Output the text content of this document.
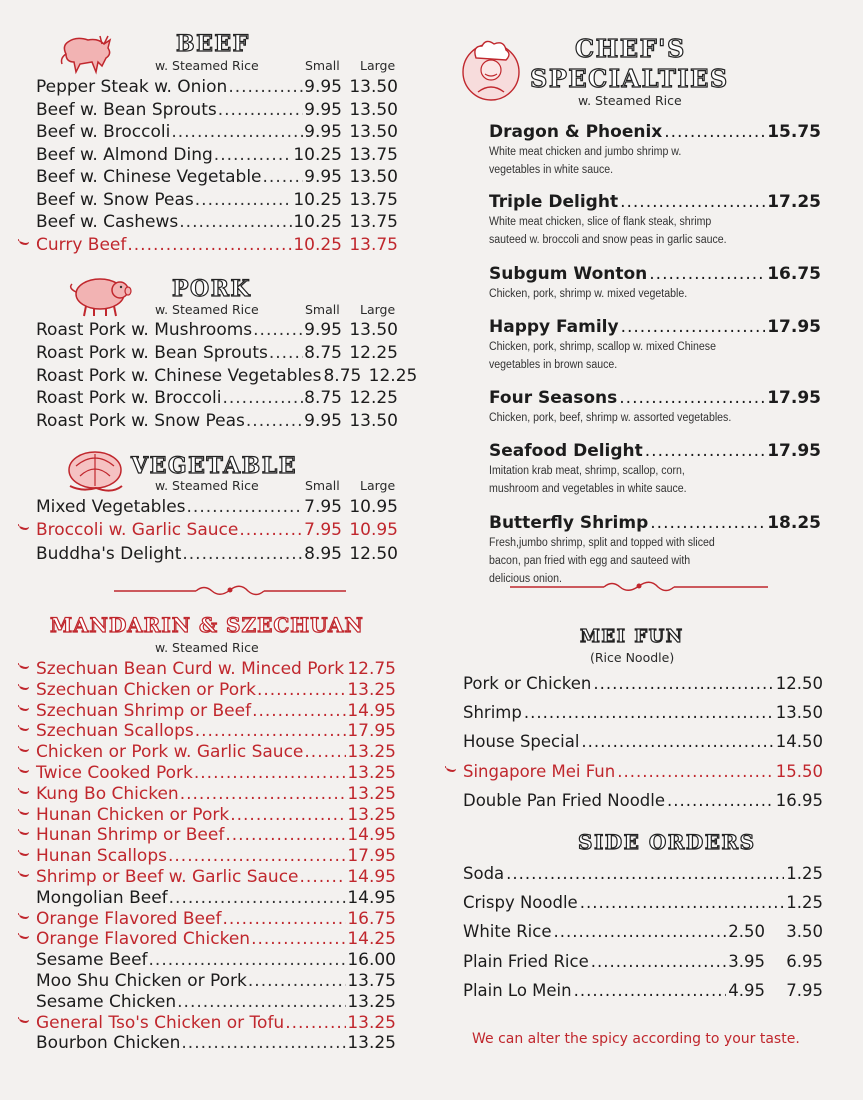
BEEF
w. Steamed Rice	Small Large
Pepper Steak w. Onion .....	9.95 13.50
Beef w. Bean Sprouts .....	9.95 13.50
Beef w. Broccoli .....	9.95 13.50
Beef w. Almond Ding .....	10.25 13.75
Beef w. Chinese Vegetable .....	9.95 13.50
Beef w. Snow Peas .....	10.25 13.75
Beef w. Cashews .....	10.25 13.75
Curry Beef .....	10.25 13.75
PORK
w. Steamed Rice	Small Large
Roast Pork w. Mushrooms .....	9.95 13.50
Roast Pork w. Bean Sprouts ..... 8.75 12.25
Roast Pork w. Chinese Vegetables 8.75 12.25
Roast Pork w. Broccoli .....	8.75 12.25
Roast Pork w. Snow Peas .....	9.95 13.50
VEGETABLE
w. Steamed Rice	Small Large
Mixed Vegetables .....	7.95 10.95
Broccoli w. Garlic Sauce .....	7.95 10.95
Buddha's Delight .....	8.95 12.50
MANDARIN & SZECHUAN
w. Steamed Rice
Szechuan Bean Curd w. Minced Pork ..... 12.75
Szechuan Chicken or Pork .....	13.25
Szechuan Shrimp or Beef .....	14.95
Szechuan Scallops .....	17.95
Chicken or Pork w. Garlic Sauce .....	13.25
Twice Cooked Pork .....	13.25
Kung Bo Chicken .....	13.25
Hunan Chicken or Pork .....	13.25
Hunan Shrimp or Beef .....	14.95
Hunan Scallops .....	17.95
Shrimp or Beef w. Garlic Sauce .....	14.95
Mongolian Beef .....	14.95
Orange Flavored Beef .....	16.75
Orange Flavored Chicken .....	14.25
Sesame Beef .....	16.00
Moo Shu Chicken or Pork .....	13.75
Sesame Chicken .....	13.25
General Tso's Chicken or Tofu .....	13.25
Bourbon Chicken .....	13.25
CHEF'S
SPECIALTIES
w. Steamed Rice
Dragon & Phoenix .....	15.75
White meat chicken and jumbo shrimp w. vegetables in white sauce.
Triple Delight .....	17.25
White meat chicken, slice of flank steak, shrimp sauteed w. broccoli and snow peas in garlic sauce.
Subgum Wonton .....	16.75
Chicken, pork, shrimp w. mixed vegetable.
Happy Family .....	17.95
Chicken, pork, shrimp, scallop w. mixed Chinese vegetables in brown sauce.
Four Seasons .....	17.95
Chicken, pork, beef, shrimp w. assorted vegetables.
Seafood Delight .....	17.95
Imitation krab meat, shrimp, scallop, corn, mushroom and vegetables in white sauce.
Butterfly Shrimp .....	18.25
Fresh,jumbo shrimp, split and topped with sliced bacon, pan fried with egg and sauteed with delicious onion.
MEI FUN
(Rice Noodle)
Pork or Chicken .....	12.50
Shrimp .....	13.50
House Special .....	14.50
Singapore Mei Fun .....	15.50
Double Pan Fried Noodle .....	16.95
SIDE ORDERS
Soda .....	1.25
Crispy Noodle .....	1.25
White Rice .....	2.50	3.50
Plain Fried Rice .....	3.95	6.95
Plain Lo Mein .....	4.95	7.95
We can alter the spicy according to your taste.
